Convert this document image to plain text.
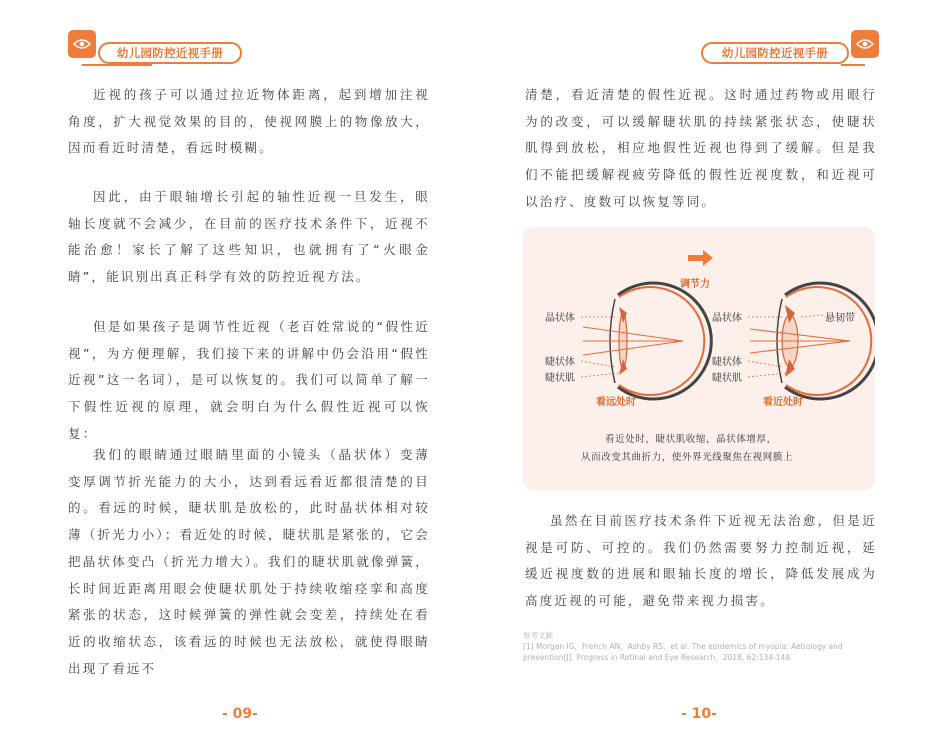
幼儿园防控近视手册

近视的孩子可以通过拉近物体距离，起到增加注视角度，扩大视觉效果的目的，使视网膜上的物像放大，因而看近时清楚，看远时模糊。

因此，由于眼轴增长引起的轴性近视一旦发生，眼轴长度就不会减少，在目前的医疗技术条件下，近视不能治愈！家长了解了这些知识，也就拥有了“火眼金睛”，能识别出真正科学有效的防控近视方法。

但是如果孩子是调节性近视（老百姓常说的“假性近视”，为方便理解，我们接下来的讲解中仍会沿用“假性近视”这一名词），是可以恢复的。我们可以简单了解一下假性近视的原理，就会明白为什么假性近视可以恢复：

我们的眼睛通过眼睛里面的小镜头（晶状体）变薄变厚调节折光能力的大小，达到看远看近都很清楚的目的。看远的时候，睫状肌是放松的，此时晶状体相对较薄（折光力小）；看近处的时候，睫状肌是紧张的，它会把晶状体变凸（折光力增大）。我们的睫状肌就像弹簧，长时间近距离用眼会使睫状肌处于持续收缩痉挛和高度紧张的状态，这时候弹簧的弹性就会变差，持续处在看近的收缩状态，该看远的时候也无法放松，就使得眼睛出现了看远不

- 09-
幼儿园防控近视手册

清楚，看近清楚的假性近视。这时通过药物或用眼行为的改变，可以缓解睫状肌的持续紧张状态，使睫状肌得到放松，相应地假性近视也得到了缓解。但是我们不能把缓解视疲劳降低的假性近视度数，和近视可以治疗、度数可以恢复等同。

调节力
晶状体
睫状体
睫状肌
看远处时
晶状体	悬韧带
睫状体
睫状肌
看近处时
看近处时，睫状肌收缩，晶状体增厚，
从而改变其曲折力，使外界光线聚焦在视网膜上

虽然在目前医疗技术条件下近视无法治愈，但是近视是可防、可控的。我们仍然需要努力控制近视，延缓近视度数的进展和眼轴长度的增长，降低发展成为高度近视的可能，避免带来视力损害。

参考文献
[1] Morgan IG，French AN，Ashby RS，et al. The epidemics of myopia: Aetiology and prevention[J]. Progress in Retinal and Eye Research，2018, 62:134-149.
- 10-
